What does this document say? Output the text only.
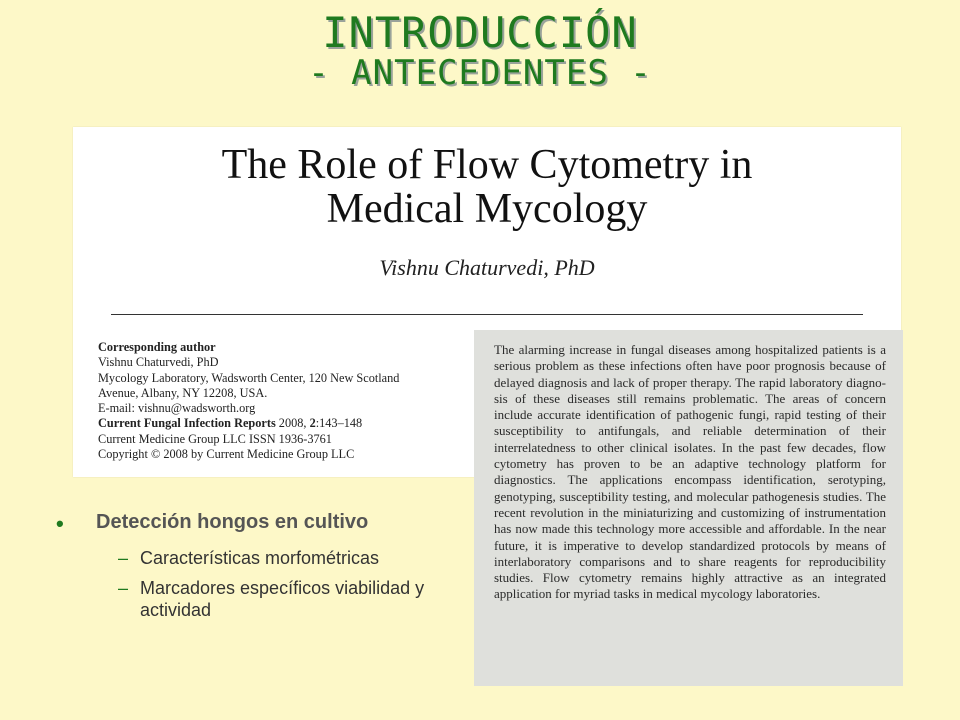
INTRODUCCIÓN
- ANTECEDENTES -
The Role of Flow Cytometry in
Medical Mycology
Vishnu Chaturvedi, PhD
Corresponding author
Vishnu Chaturvedi, PhD
Mycology Laboratory, Wadsworth Center, 120 New Scotland
Avenue, Albany, NY 12208, USA.
E-mail: vishnu@wadsworth.org
Current Fungal Infection Reports 2008, 2:143–148
Current Medicine Group LLC ISSN 1936-3761
Copyright © 2008 by Current Medicine Group LLC

The alarming increase in fungal diseases among hospitalized patients is a serious problem as these infections often have poor prognosis because of delayed diagnosis and lack of proper therapy. The rapid laboratory diagnosis of these diseases still remains problematic. The areas of concern include accurate identification of pathogenic fungi, rapid testing of their susceptibility to antifungals, and reliable determination of their interrelatedness to other clinical isolates. In the past few decades, flow cytometry has proven to be an adaptive technology platform for diagnostics. The applications encompass identification, serotyping, genotyping, susceptibility testing, and molecular pathogenesis studies. The recent revolution in the miniaturizing and customizing of instrumentation has now made this technology more accessible and affordable. In the near future, it is imperative to develop standardized protocols by means of interlaboratory comparisons and to share reagents for reproducibility studies. Flow cytometry remains highly attractive as an integrated application for myriad tasks in medical mycology laboratories.

•	Detección hongos en cultivo
– Características morfométricas
– Marcadores específicos viabilidad y actividad
